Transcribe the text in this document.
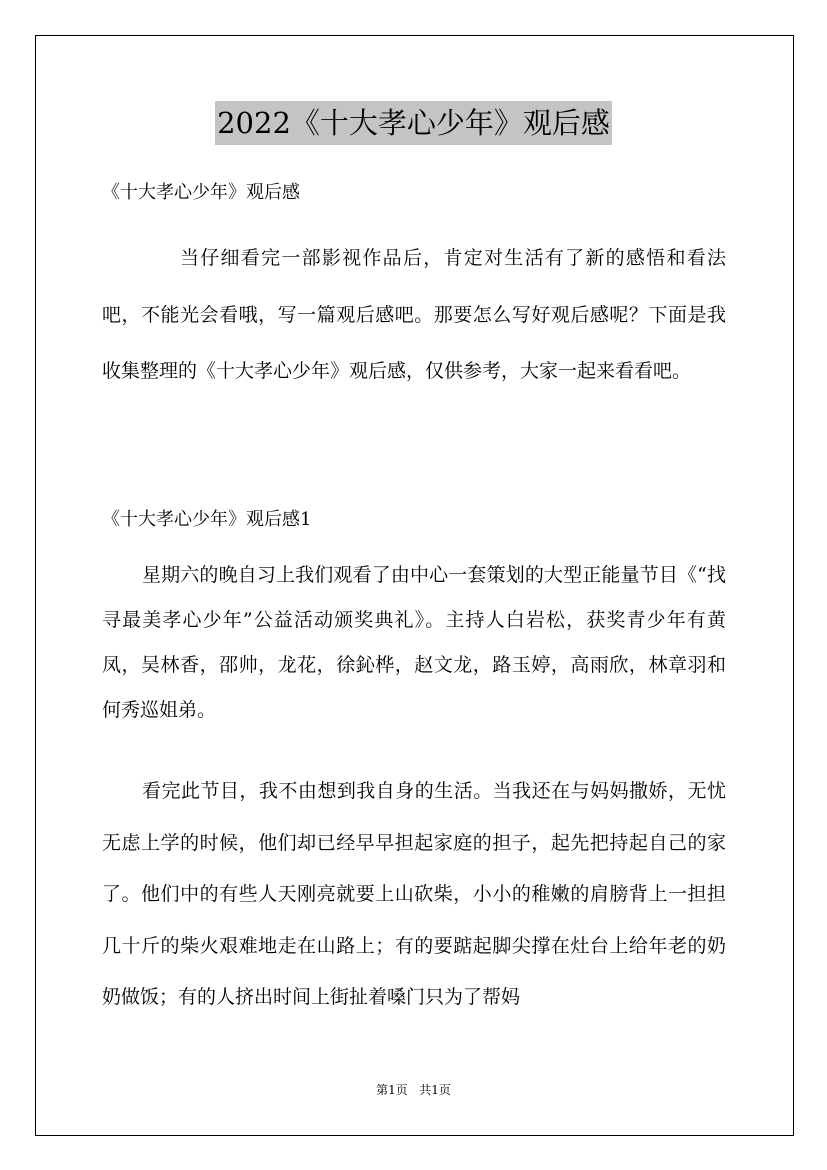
2022《十大孝心少年》观后感
《十大孝心少年》观后感

当仔细看完一部影视作品后，肯定对生活有了新的感悟和看法吧，不能光会看哦，写一篇观后感吧。那要怎么写好观后感呢？下面是我收集整理的《十大孝心少年》观后感，仅供参考，大家一起来看看吧。

《十大孝心少年》观后感1

星期六的晚自习上我们观看了由中心一套策划的大型正能量节目《“找寻最美孝心少年”公益活动颁奖典礼》。主持人白岩松，获奖青少年有黄凤，吴林香，邵帅，龙花，徐鈊桦，赵文龙，路玉婷，高雨欣，林章羽和何秀巡姐弟。

看完此节目，我不由想到我自身的生活。当我还在与妈妈撒娇，无忧无虑上学的时候，他们却已经早早担起家庭的担子，起先把持起自己的家了。他们中的有些人天刚亮就要上山砍柴，小小的稚嫩的肩膀背上一担担几十斤的柴火艰难地走在山路上；有的要踮起脚尖撑在灶台上给年老的奶奶做饭；有的人挤出时间上街扯着嗓门只为了帮妈

第1页 共1页
